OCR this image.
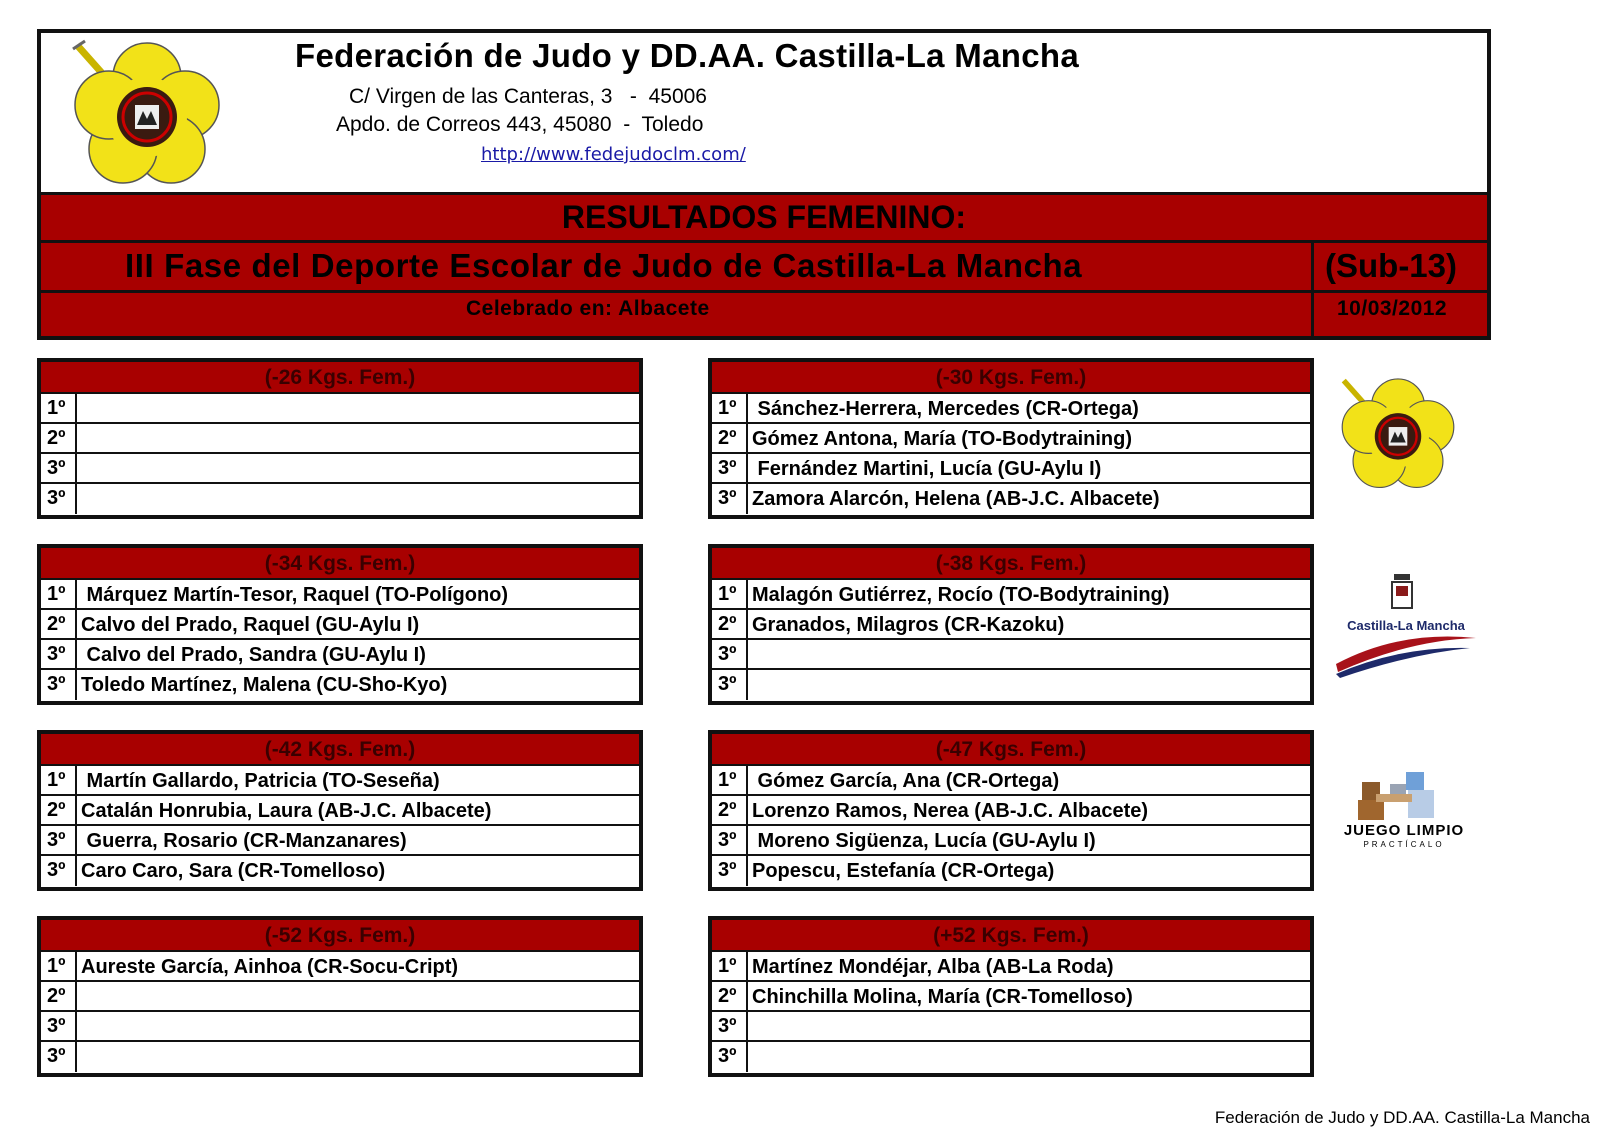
Federación de Judo y DD.AA. Castilla-La Mancha
C/ Virgen de las Canteras, 3   -  45006
Apdo. de Correos 443, 45080  -  Toledo
http://www.fedejudoclm.com/
RESULTADOS FEMENINO:
III Fase del Deporte Escolar de Judo de Castilla-La Mancha	(Sub-13)
Celebrado en: Albacete	10/03/2012
(-26 Kgs. Fem.)
1º
2º
3º
3º
(-30 Kgs. Fem.)
1º Sánchez-Herrera, Mercedes (CR-Ortega)
2º Gómez Antona, María (TO-Bodytraining)
3º Fernández Martini, Lucía (GU-Aylu I)
3º Zamora Alarcón, Helena (AB-J.C. Albacete)
(-34 Kgs. Fem.)
1º Márquez Martín-Tesor, Raquel (TO-Polígono)
2º Calvo del Prado, Raquel (GU-Aylu I)
3º Calvo del Prado, Sandra (GU-Aylu I)
3º Toledo Martínez, Malena (CU-Sho-Kyo)
(-38 Kgs. Fem.)
1º Malagón Gutiérrez, Rocío (TO-Bodytraining)
2º Granados, Milagros (CR-Kazoku)
3º
3º
(-42 Kgs. Fem.)
1º Martín Gallardo, Patricia (TO-Seseña)
2º Catalán Honrubia, Laura (AB-J.C. Albacete)
3º Guerra, Rosario (CR-Manzanares)
3º Caro Caro, Sara (CR-Tomelloso)
(-47 Kgs. Fem.)
1º Gómez García, Ana (CR-Ortega)
2º Lorenzo Ramos, Nerea (AB-J.C. Albacete)
3º Moreno Sigüenza, Lucía (GU-Aylu I)
3º Popescu, Estefanía (CR-Ortega)
(-52 Kgs. Fem.)
1º Aureste García, Ainhoa (CR-Socu-Cript)
2º
3º
3º
(+52 Kgs. Fem.)
1º Martínez Mondéjar, Alba (AB-La Roda)
2º Chinchilla Molina, María (CR-Tomelloso)
3º
3º
Castilla-La Mancha
JUEGO LIMPIO
PRACTÍCALO
Federación de Judo y DD.AA. Castilla-La Mancha
